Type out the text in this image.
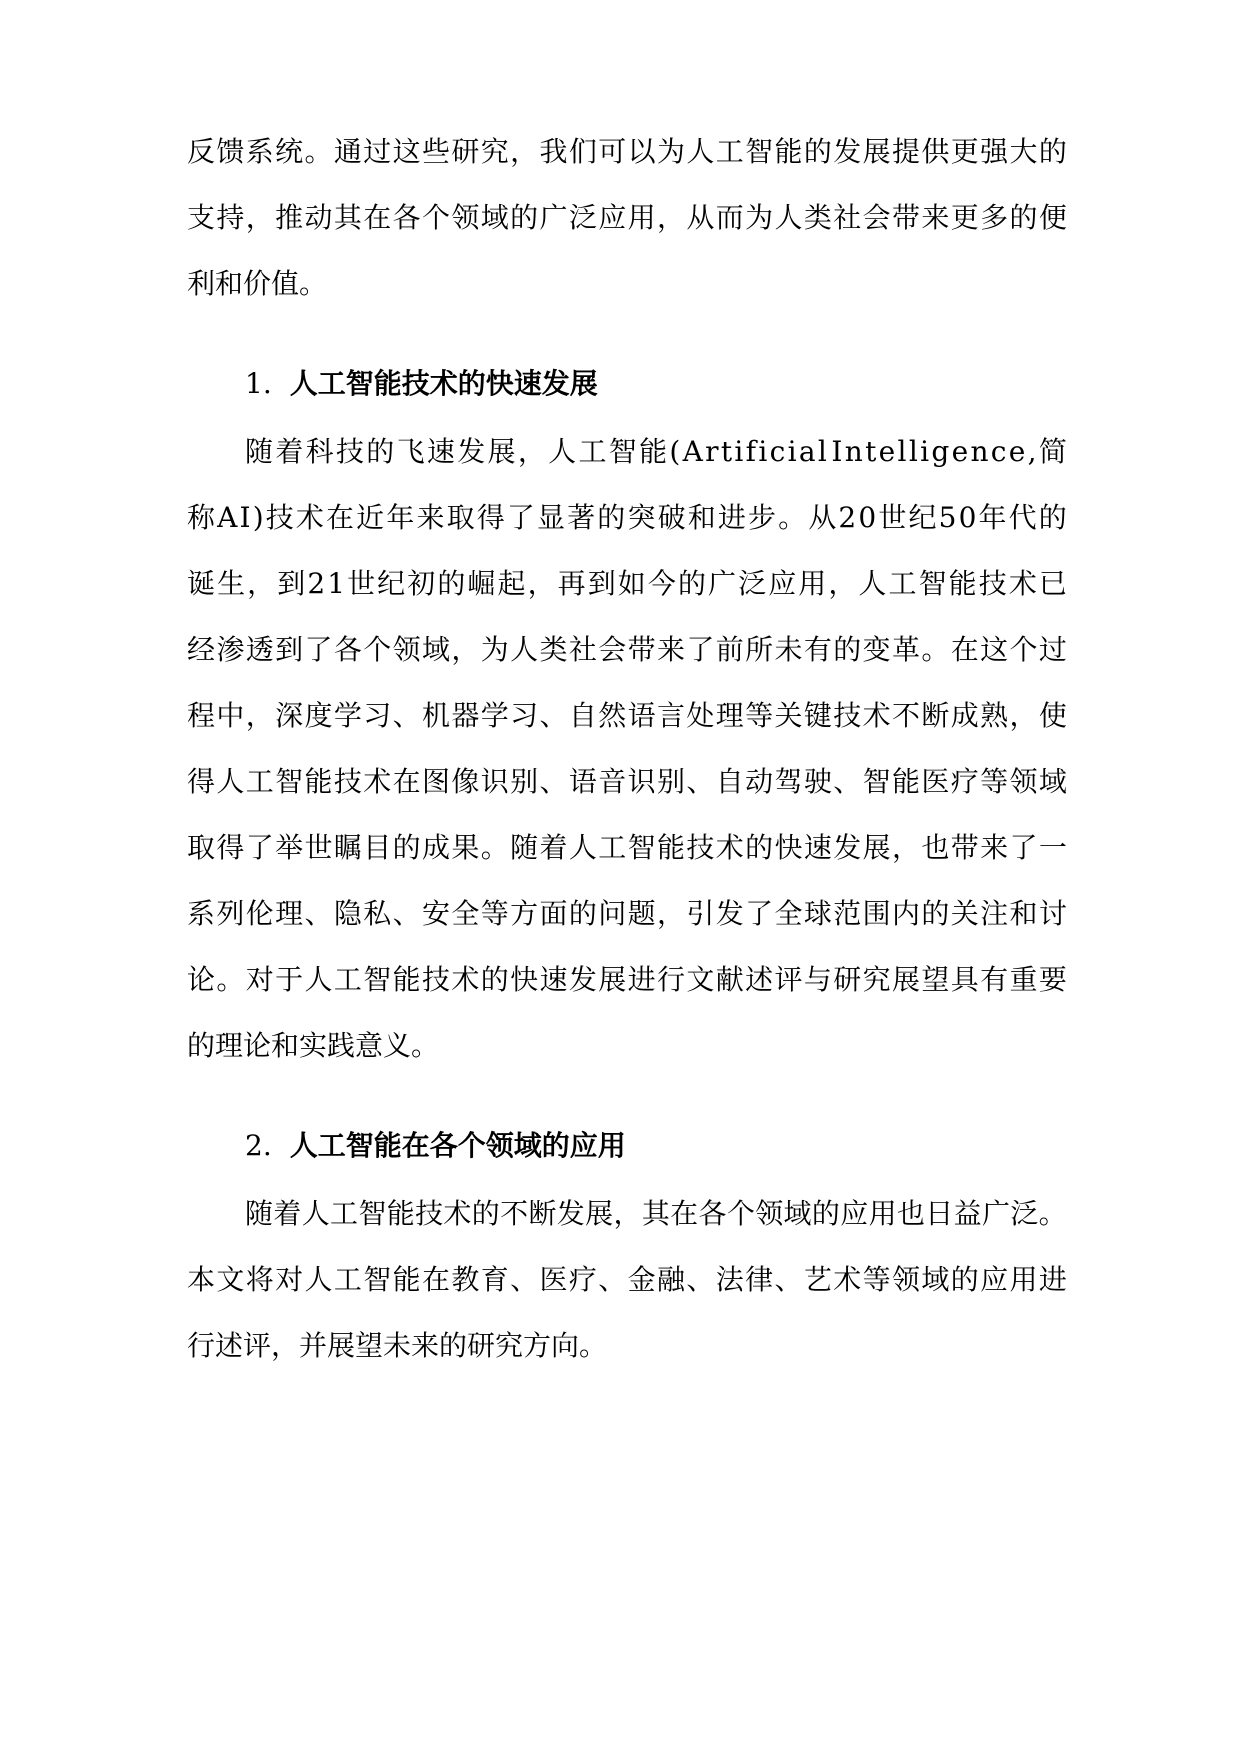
反 馈 系 统 。 通 过 这 些 研 究 ， 我 们 可 以 为 人 工 智 能 的 发 展 提 供 更 强 大 的
支 持 ， 推 动 其 在 各 个 领 域 的 广 泛 应 用 ， 从 而 为 人 类 社 会 带 来 更 多 的 便
利和价值。
1. 人工智能技术的快速发展
随 着 科 技 的 飞 速 发 展 ， 人 工 智 能 ( A r t i f i c i a l I n t e l l i g e n c e , 简
称 A I ) 技 术 在 近 年 来 取 得 了 显 著 的 突 破 和 进 步 。 从 2 0 世 纪 5 0 年 代 的
诞 生 ， 到 2 1 世 纪 初 的 崛 起 ， 再 到 如 今 的 广 泛 应 用 ， 人 工 智 能 技 术 已
经 渗 透 到 了 各 个 领 域 ， 为 人 类 社 会 带 来 了 前 所 未 有 的 变 革 。 在 这 个 过
程 中 ， 深 度 学 习 、 机 器 学 习 、 自 然 语 言 处 理 等 关 键 技 术 不 断 成 熟 ， 使
得 人 工 智 能 技 术 在 图 像 识 别 、 语 音 识 别 、 自 动 驾 驶 、 智 能 医 疗 等 领 域
取 得 了 举 世 瞩 目 的 成 果 。 随 着 人 工 智 能 技 术 的 快 速 发 展 ， 也 带 来 了 一
系 列 伦 理 、 隐 私 、 安 全 等 方 面 的 问 题 ， 引 发 了 全 球 范 围 内 的 关 注 和 讨
论 。 对 于 人 工 智 能 技 术 的 快 速 发 展 进 行 文 献 述 评 与 研 究 展 望 具 有 重 要
的理论和实践意义。
2. 人工智能在各个领域的应用
随 着 人 工 智 能 技 术 的 不 断 发 展 ， 其 在 各 个 领 域 的 应 用 也 日 益 广 泛 。
本 文 将 对 人 工 智 能 在 教 育 、 医 疗 、 金 融 、 法 律 、 艺 术 等 领 域 的 应 用 进
行述评，并展望未来的研究方向。
